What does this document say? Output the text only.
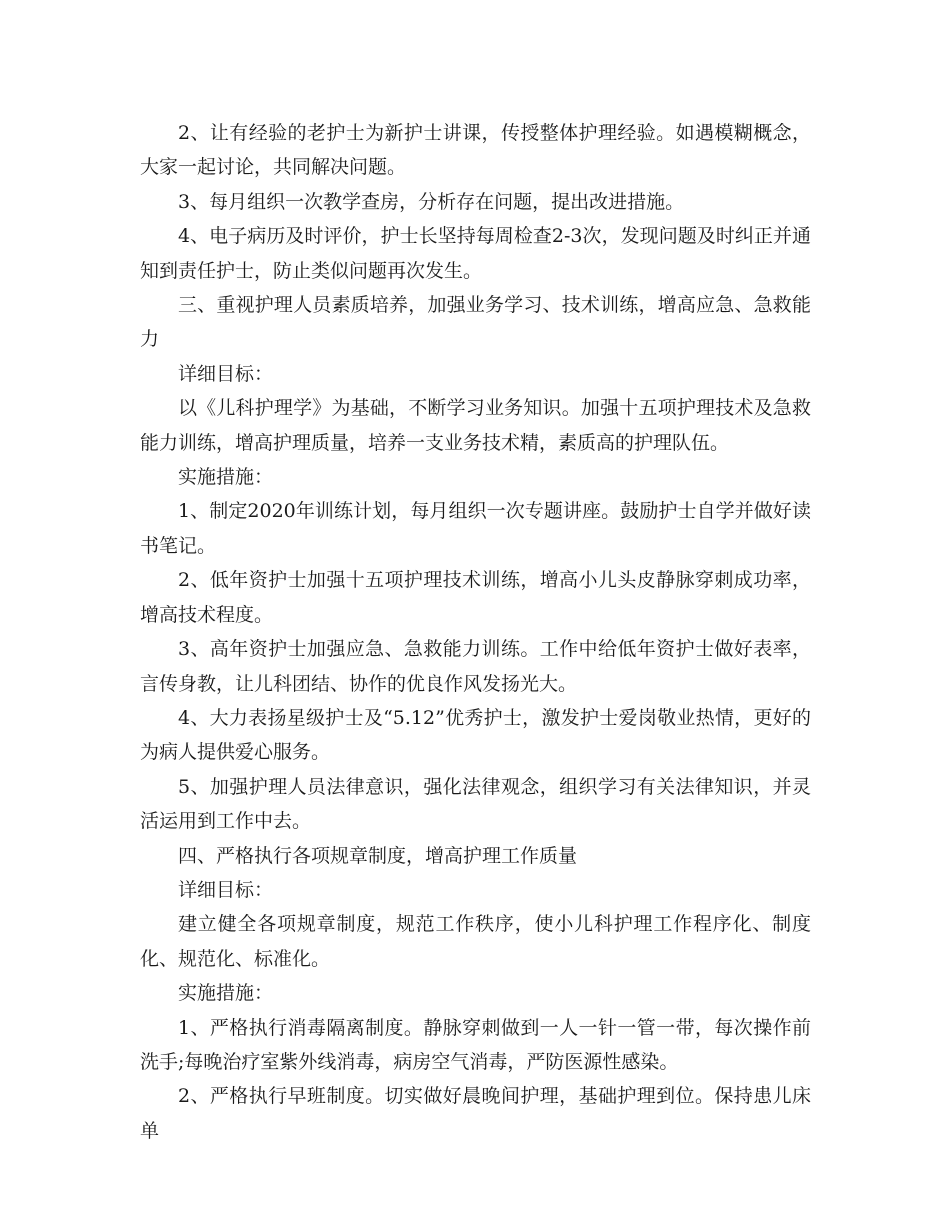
2、让有经验的老护士为新护士讲课，传授整体护理经验。如遇模糊概念，大家一起讨论，共同解决问题。

3、每月组织一次教学查房，分析存在问题，提出改进措施。

4、电子病历及时评价，护士长坚持每周检查2-3次，发现问题及时纠正并通知到责任护士，防止类似问题再次发生。

三、重视护理人员素质培养，加强业务学习、技术训练，增高应急、急救能力

详细目标：

以《儿科护理学》为基础，不断学习业务知识。加强十五项护理技术及急救能力训练，增高护理质量，培养一支业务技术精，素质高的护理队伍。

实施措施：

1、制定2020年训练计划，每月组织一次专题讲座。鼓励护士自学并做好读书笔记。

2、低年资护士加强十五项护理技术训练，增高小儿头皮静脉穿刺成功率，增高技术程度。

3、高年资护士加强应急、急救能力训练。工作中给低年资护士做好表率，言传身教，让儿科团结、协作的优良作风发扬光大。

4、大力表扬星级护士及“5.12”优秀护士，激发护士爱岗敬业热情，更好的为病人提供爱心服务。

5、加强护理人员法律意识，强化法律观念，组织学习有关法律知识，并灵活运用到工作中去。

四、严格执行各项规章制度，增高护理工作质量

详细目标：

建立健全各项规章制度，规范工作秩序，使小儿科护理工作程序化、制度化、规范化、标准化。

实施措施：

1、严格执行消毒隔离制度。静脉穿刺做到一人一针一管一带，每次操作前洗手;每晚治疗室紫外线消毒，病房空气消毒，严防医源性感染。

2、严格执行早班制度。切实做好晨晚间护理，基础护理到位。保持患儿床单
